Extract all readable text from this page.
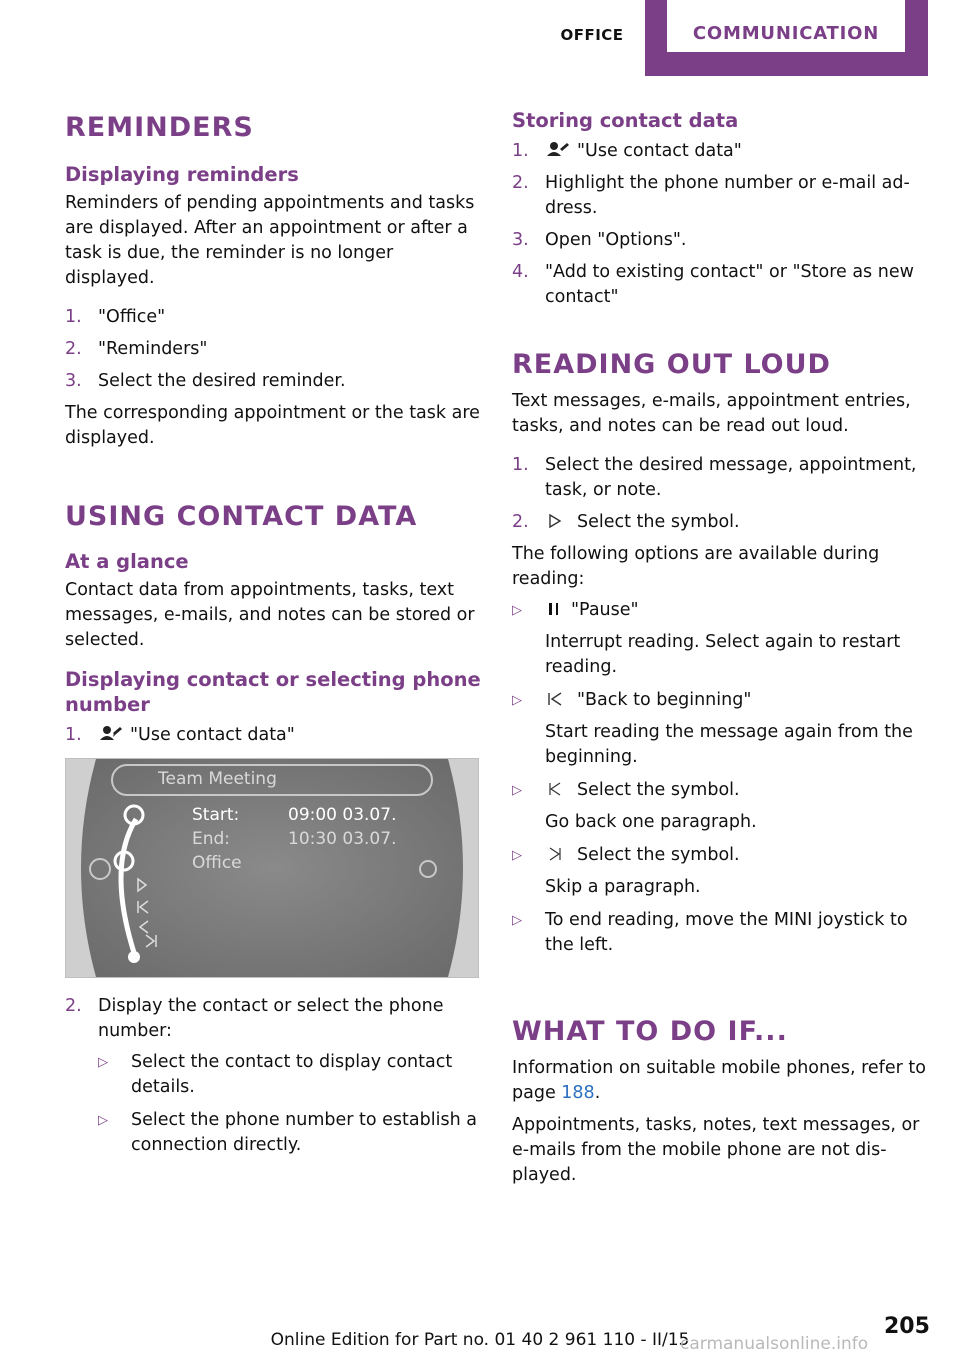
OFFICE	COMMUNICATION
REMINDERS
Displaying reminders

Reminders of pending appointments and tasks are displayed. After an appointment or after a task is due, the reminder is no longer displayed.

1. "Office"
2. "Reminders"
3. Select the desired reminder.

The corresponding appointment or the task are displayed.

USING CONTACT DATA
At a glance

Contact data from appointments, tasks, text messages, e-mails, and notes can be stored or selected.

Displaying contact or selecting phone number
1.	"Use contact data"
Team Meeting
Start:	09:00 03.07.
End:	10:30 03.07.
Office
2. Display the contact or select the phone number:
▷ Select the contact to display contact details.
▷ Select the phone number to establish a connection directly.
Storing contact data
1.	"Use contact data"
2. Highlight the phone number or e-mail address.
3. Open "Options".
4. "Add to existing contact" or "Store as new contact"
READING OUT LOUD

Text messages, e-mails, appointment entries, tasks, and notes can be read out loud.

1. Select the desired message, appointment, task, or note.
2.	Select the symbol.

The following options are available during reading:

▷	"Pause"
Interrupt reading. Select again to restart reading.
▷	"Back to beginning"
Start reading the message again from the beginning.
▷	Select the symbol.
Go back one paragraph.
▷	Select the symbol.
Skip a paragraph.
▷ To end reading, move the MINI joystick to the left.
WHAT TO DO IF...

Information on suitable mobile phones, refer to page 188.

Appointments, tasks, notes, text messages, or e-mails from the mobile phone are not displayed.

205
Online Edition for Part no. 01 40 2 961 110 - II/15
carmanualsonline.info
